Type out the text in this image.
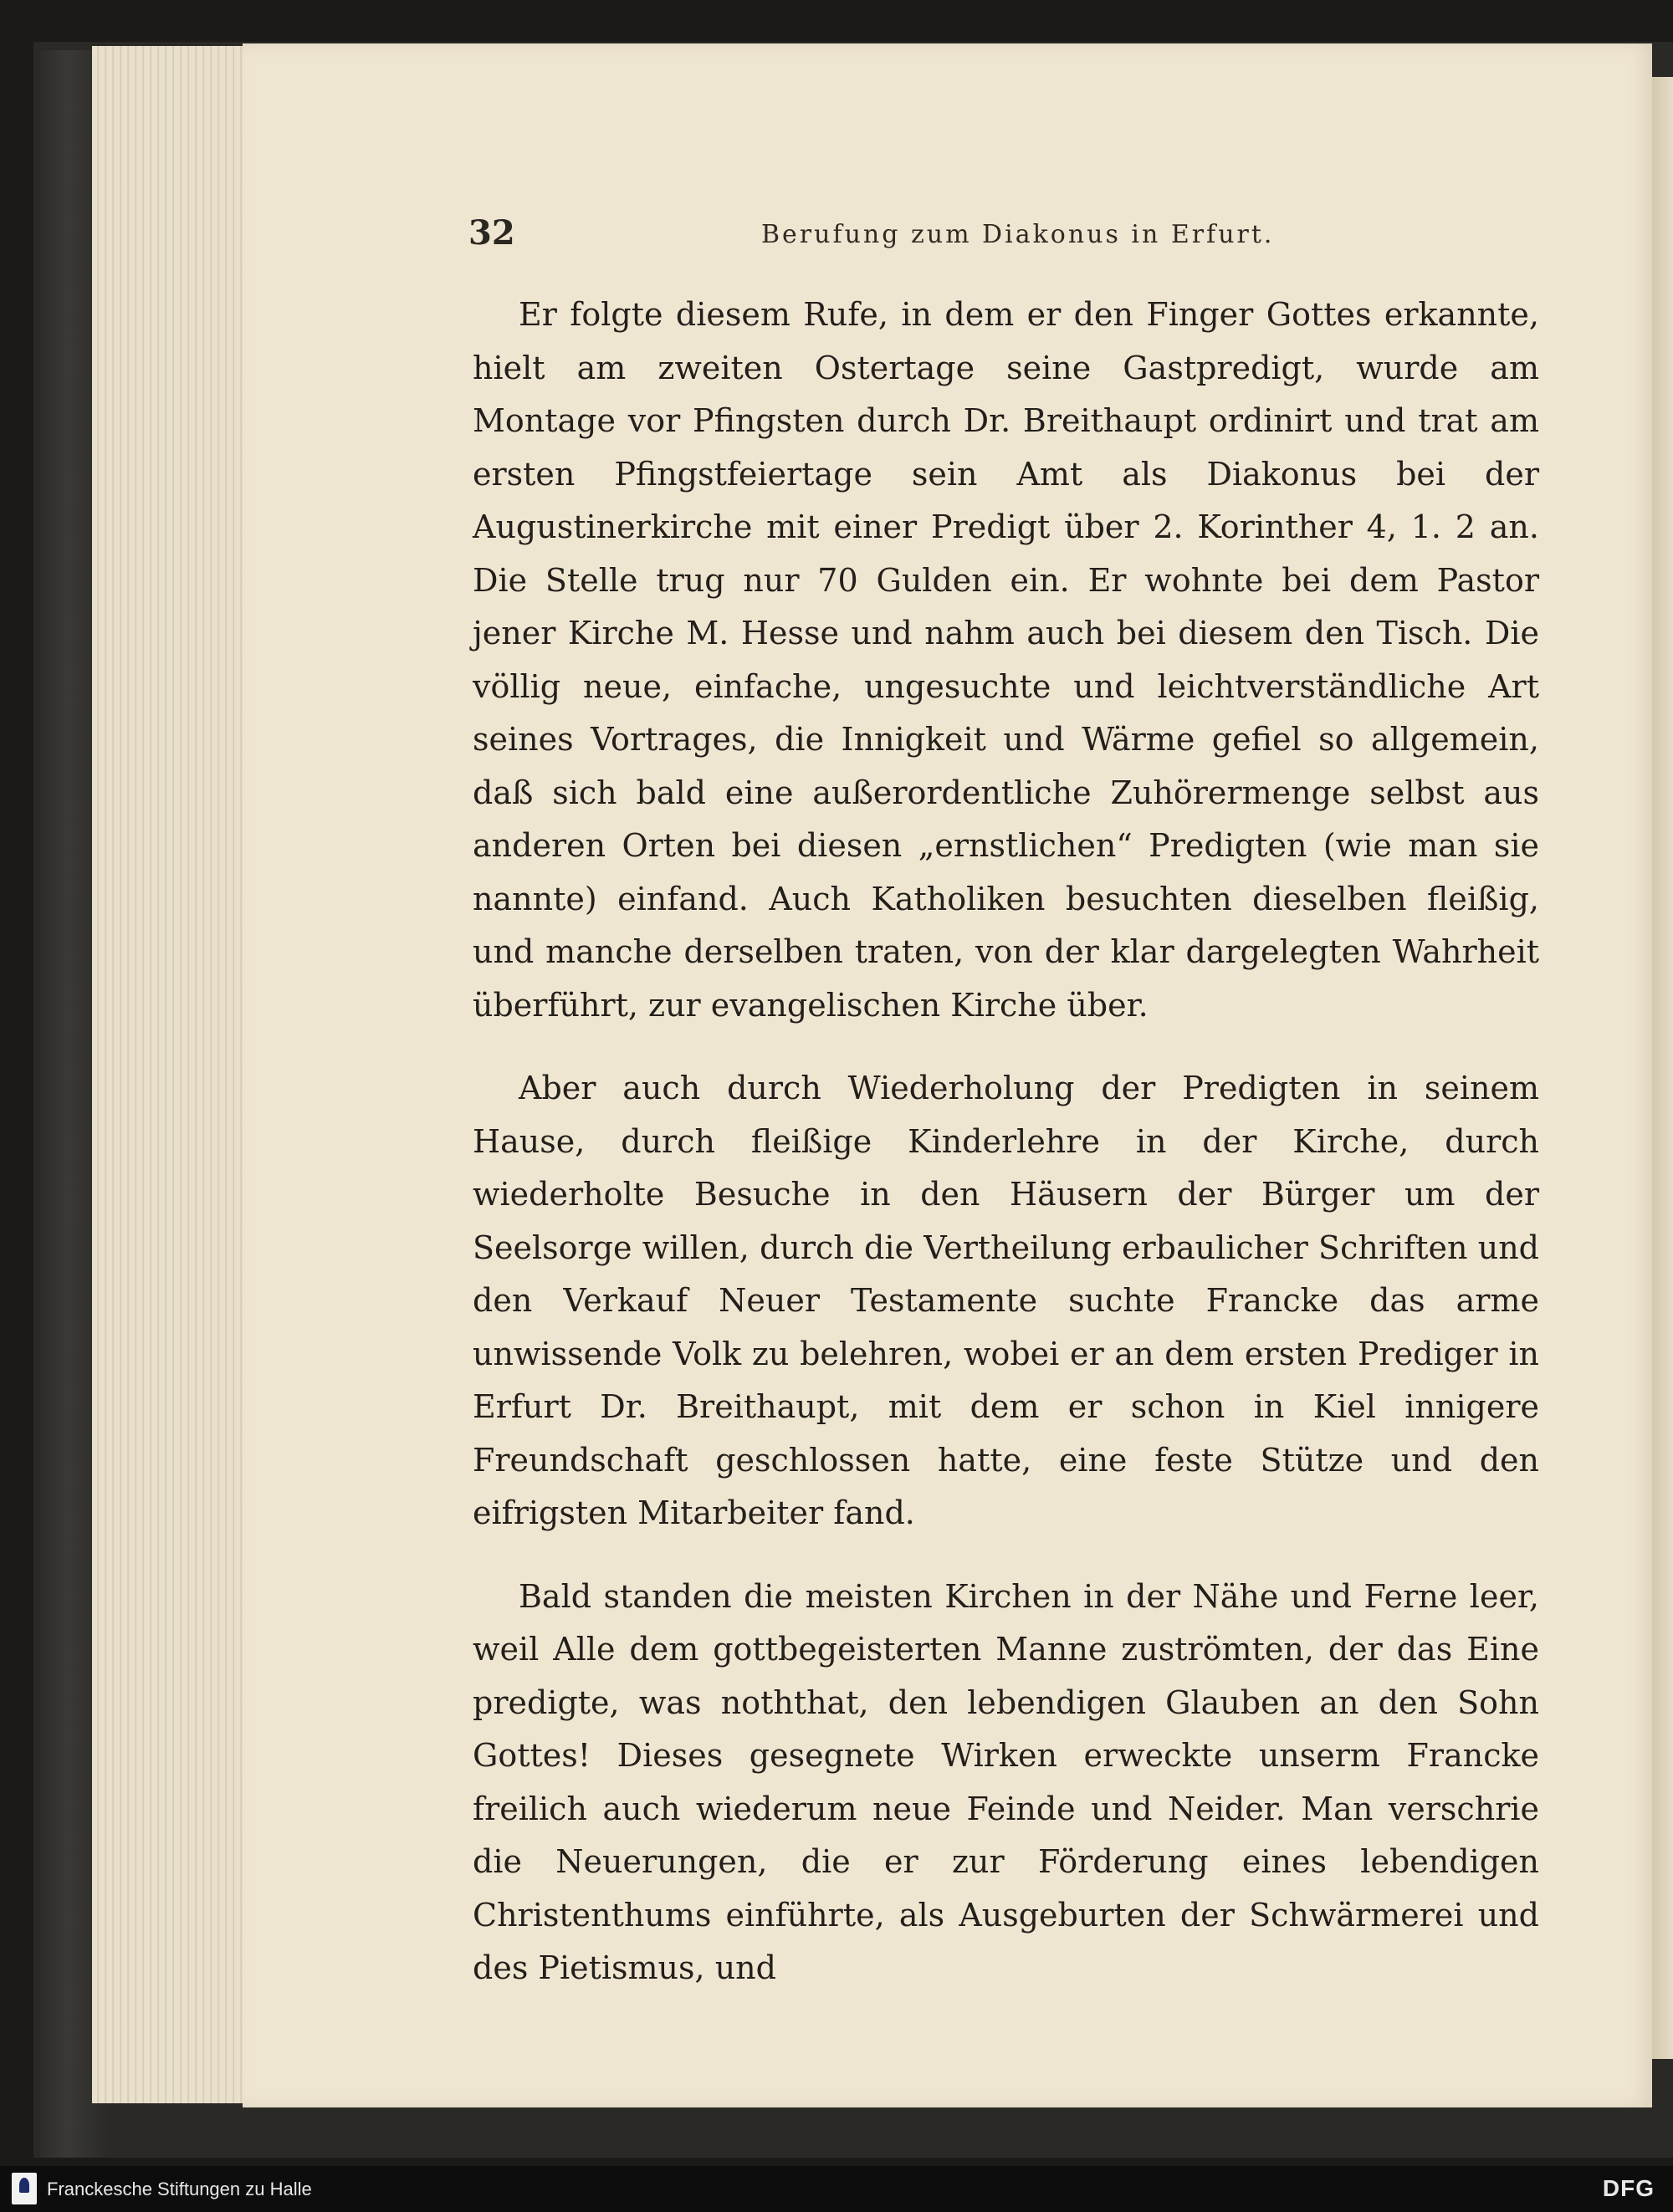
32	Berufung zum Diakonus in Erfurt.

Er folgte diesem Rufe, in dem er den Finger Gottes erkannte, hielt am zweiten Ostertage seine Gastpredigt, wurde am Montage vor Pfingsten durch Dr. Breithaupt ordinirt und trat am ersten Pfingstfeiertage sein Amt als Diakonus bei der Augustinerkirche mit einer Predigt über 2. Korinther 4, 1. 2 an. Die Stelle trug nur 70 Gulden ein. Er wohnte bei dem Pastor jener Kirche M. Hesse und nahm auch bei diesem den Tisch. Die völlig neue, einfache, ungesuchte und leichtverständliche Art seines Vortrages, die Innigkeit und Wärme gefiel so allgemein, daß sich bald eine außerordentliche Zuhörermenge selbst aus anderen Orten bei diesen „ernstlichen“ Predigten (wie man sie nannte) einfand. Auch Katholiken besuchten dieselben fleißig, und manche derselben traten, von der klar dargelegten Wahrheit überführt, zur evangelischen Kirche über.

Aber auch durch Wiederholung der Predigten in seinem Hause, durch fleißige Kinderlehre in der Kirche, durch wiederholte Besuche in den Häusern der Bürger um der Seelsorge willen, durch die Vertheilung erbaulicher Schriften und den Verkauf Neuer Testamente suchte Francke das arme unwissende Volk zu belehren, wobei er an dem ersten Prediger in Erfurt Dr. Breithaupt, mit dem er schon in Kiel innigere Freundschaft geschlossen hatte, eine feste Stütze und den eifrigsten Mitarbeiter fand.

Bald standen die meisten Kirchen in der Nähe und Ferne leer, weil Alle dem gottbegeisterten Manne zuströmten, der das Eine predigte, was noththat, den lebendigen Glauben an den Sohn Gottes! Dieses gesegnete Wirken erweckte unserm Francke freilich auch wiederum neue Feinde und Neider. Man verschrie die Neuerungen, die er zur Förderung eines lebendigen Christenthums einführte, als Ausgeburten der Schwärmerei und des Pietismus, und

Franckesche Stiftungen zu Halle	DFG
